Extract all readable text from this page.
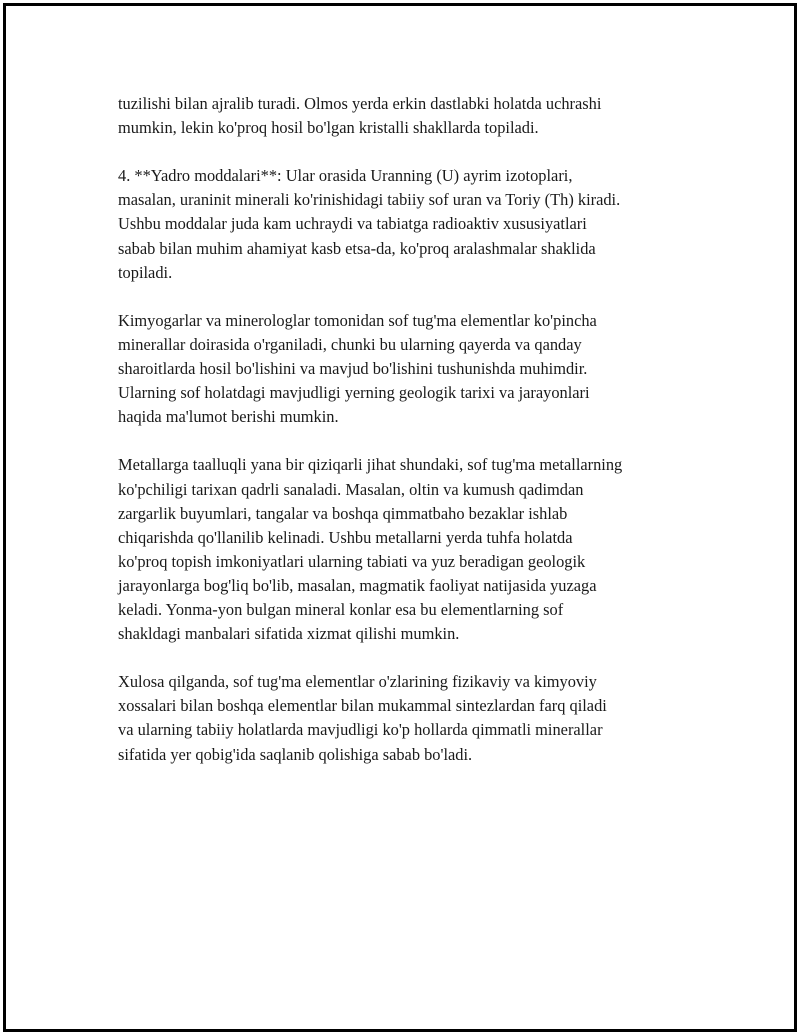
tuzilishi bilan ajralib turadi. Olmos yerda erkin dastlabki holatda uchrashi
mumkin, lekin ko'proq hosil bo'lgan kristalli shakllarda topiladi.

4. **Yadro moddalari**: Ular orasida Uranning (U) ayrim izotoplari,
masalan, uraninit minerali ko'rinishidagi tabiiy sof uran va Toriy (Th) kiradi.
Ushbu moddalar juda kam uchraydi va tabiatga radioaktiv xususiyatlari
sabab bilan muhim ahamiyat kasb etsa-da, ko'proq aralashmalar shaklida
topiladi.

Kimyogarlar va minerologlar tomonidan sof tug'ma elementlar ko'pincha
minerallar doirasida o'rganiladi, chunki bu ularning qayerda va qanday
sharoitlarda hosil bo'lishini va mavjud bo'lishini tushunishda muhimdir.
Ularning sof holatdagi mavjudligi yerning geologik tarixi va jarayonlari
haqida ma'lumot berishi mumkin.

Metallarga taalluqli yana bir qiziqarli jihat shundaki, sof tug'ma metallarning
ko'pchiligi tarixan qadrli sanaladi. Masalan, oltin va kumush qadimdan
zargarlik buyumlari, tangalar va boshqa qimmatbaho bezaklar ishlab
chiqarishda qo'llanilib kelinadi. Ushbu metallarni yerda tuhfa holatda
ko'proq topish imkoniyatlari ularning tabiati va yuz beradigan geologik
jarayonlarga bog'liq bo'lib, masalan, magmatik faoliyat natijasida yuzaga
keladi. Yonma-yon bulgan mineral konlar esa bu elementlarning sof
shakldagi manbalari sifatida xizmat qilishi mumkin.

Xulosa qilganda, sof tug'ma elementlar o'zlarining fizikaviy va kimyoviy
xossalari bilan boshqa elementlar bilan mukammal sintezlardan farq qiladi
va ularning tabiiy holatlarda mavjudligi ko'p hollarda qimmatli minerallar
sifatida yer qobig'ida saqlanib qolishiga sabab bo'ladi.
